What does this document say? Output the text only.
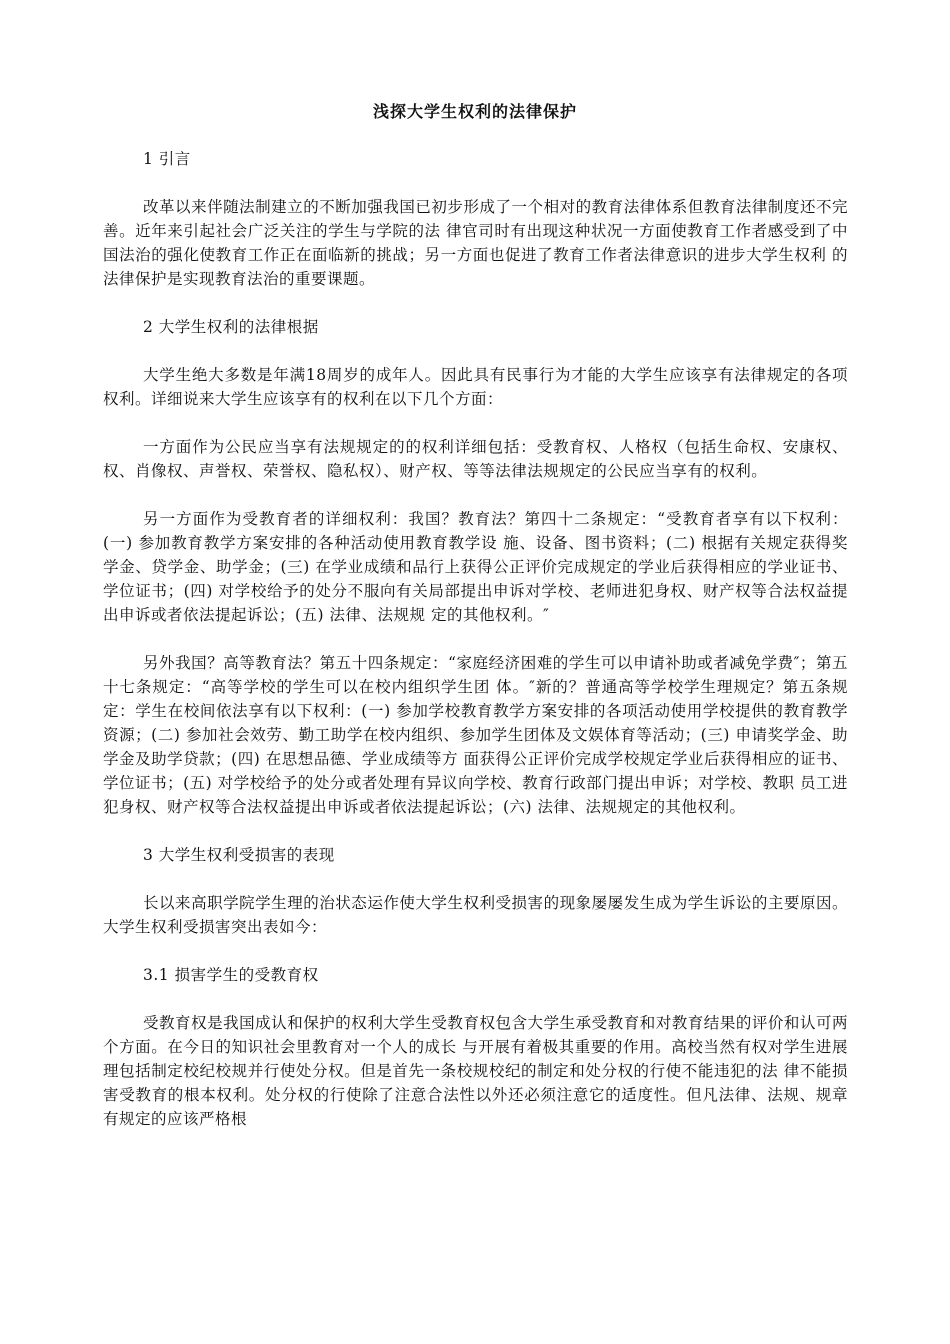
浅探大学生权利的法律保护
1 引言
改革以来伴随法制建立的不断加强我国已初步形成了一个相对的教育法律体系但教育法律制度还不完善。近年来引起社会广泛关注的学生与学院的法 律官司时有出现这种状况一方面使教育工作者感受到了中国法治的强化使教育工作正在面临新的挑战；另一方面也促进了教育工作者法律意识的进步大学生权利 的法律保护是实现教育法治的重要课题。
2 大学生权利的法律根据
大学生绝大多数是年满18周岁的成年人。因此具有民事行为才能的大学生应该享有法律规定的各项权利。详细说来大学生应该享有的权利在以下几个方面：
一方面作为公民应当享有法规规定的的权利详细包括：受教育权、人格权（包括生命权、安康权、权、肖像权、声誉权、荣誉权、隐私权）、财产权、等等法律法规规定的公民应当享有的权利。
另一方面作为受教育者的详细权利：我国？教育法？第四十二条规定：“受教育者享有以下权利：(一) 参加教育教学方案安排的各种活动使用教育教学设 施、设备、图书资料；(二) 根据有关规定获得奖学金、贷学金、助学金；(三) 在学业成绩和品行上获得公正评价完成规定的学业后获得相应的学业证书、 学位证书；(四) 对学校给予的处分不服向有关局部提出申诉对学校、老师进犯身权、财产权等合法权益提出申诉或者依法提起诉讼；(五) 法律、法规规 定的其他权利。″
另外我国？高等教育法？第五十四条规定：“家庭经济困难的学生可以申请补助或者减免学费″；第五十七条规定：“高等学校的学生可以在校内组织学生团 体。″新的？普通高等学校学生理规定？第五条规定：学生在校间依法享有以下权利：(一) 参加学校教育教学方案安排的各项活动使用学校提供的教育教学 资源；(二) 参加社会效劳、勤工助学在校内组织、参加学生团体及文娱体育等活动；(三) 申请奖学金、助学金及助学贷款；(四) 在思想品德、学业成绩等方 面获得公正评价完成学校规定学业后获得相应的证书、学位证书；(五) 对学校给予的处分或者处理有异议向学校、教育行政部门提出申诉；对学校、教职 员工进犯身权、财产权等合法权益提出申诉或者依法提起诉讼；(六) 法律、法规规定的其他权利。
3 大学生权利受损害的表现
长以来高职学院学生理的治状态运作使大学生权利受损害的现象屡屡发生成为学生诉讼的主要原因。大学生权利受损害突出表如今：
3.1 损害学生的受教育权
受教育权是我国成认和保护的权利大学生受教育权包含大学生承受教育和对教育结果的评价和认可两个方面。在今日的知识社会里教育对一个人的成长 与开展有着极其重要的作用。高校当然有权对学生进展理包括制定校纪校规并行使处分权。但是首先一条校规校纪的制定和处分权的行使不能违犯的法 律不能损害受教育的根本权利。处分权的行使除了注意合法性以外还必须注意它的适度性。但凡法律、法规、规章有规定的应该严格根
